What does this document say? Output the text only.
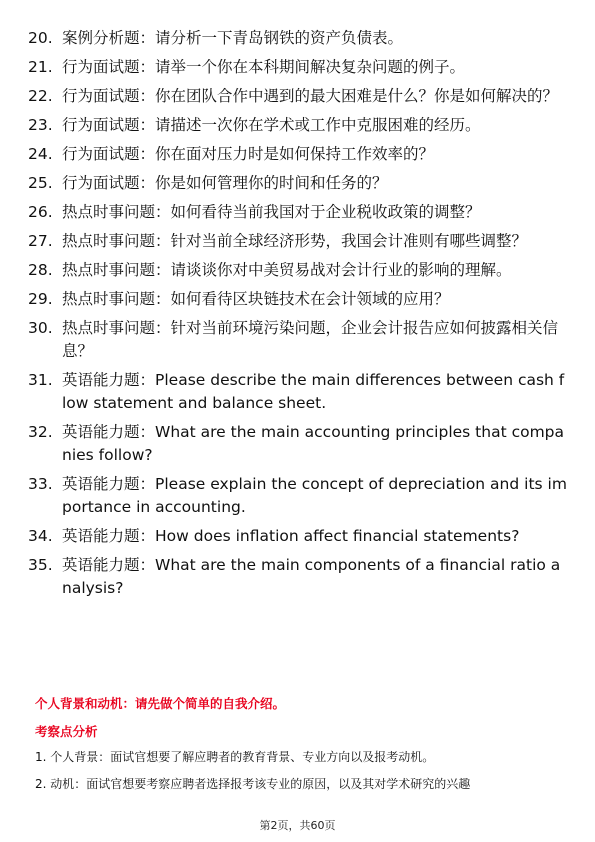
20. 案例分析题：请分析一下青岛钢铁的资产负债表。
21. 行为面试题：请举一个你在本科期间解决复杂问题的例子。
22. 行为面试题：你在团队合作中遇到的最大困难是什么？你是如何解决的？
23. 行为面试题：请描述一次你在学术或工作中克服困难的经历。
24. 行为面试题：你在面对压力时是如何保持工作效率的？
25. 行为面试题：你是如何管理你的时间和任务的？
26. 热点时事问题：如何看待当前我国对于企业税收政策的调整？
27. 热点时事问题：针对当前全球经济形势，我国会计准则有哪些调整？
28. 热点时事问题：请谈谈你对中美贸易战对会计行业的影响的理解。
29. 热点时事问题：如何看待区块链技术在会计领域的应用？
30. 热点时事问题：针对当前环境污染问题，企业会计报告应如何披露相关信息？
31. 英语能力题：Please describe the main differences between cash flow statement and balance sheet.
32. 英语能力题：What are the main accounting principles that companies follow?
33. 英语能力题：Please explain the concept of depreciation and its importance in accounting.
34. 英语能力题：How does inflation affect financial statements?
35. 英语能力题：What are the main components of a financial ratio analysis?
个人背景和动机：请先做个简单的自我介绍。
考察点分析
1. 个人背景：面试官想要了解应聘者的教育背景、专业方向以及报考动机。
2. 动机：面试官想要考察应聘者选择报考该专业的原因，以及其对学术研究的兴趣
第2页，共60页
